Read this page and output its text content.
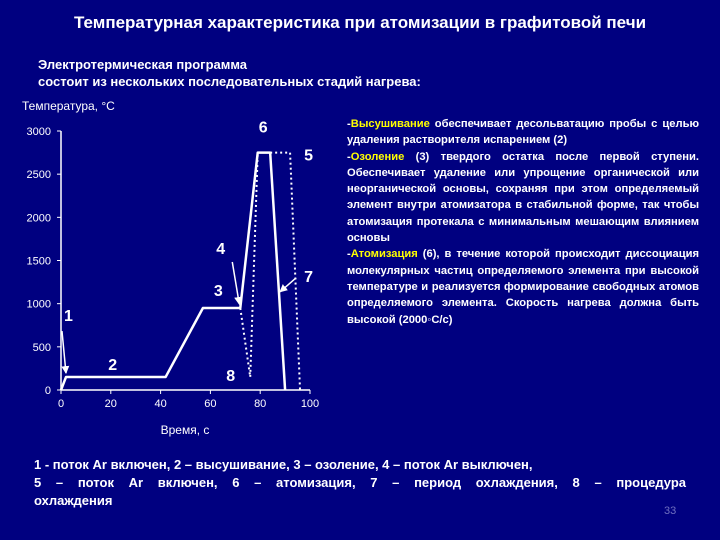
Температурная характеристика при атомизации в графитовой печи
Электротермическая программа
состоит из нескольких последовательных стадий нагрева:
0
500
1000
1500
2000
2500
3000
0	20	40	60	80	100
1
2
3
4
5
6
7
8
Температура, °С
Время, с

-Высушивание обеспечивает десольватацию пробы с целью удаления растворителя испарением (2)

-Озоление (3) твердого остатка после первой ступени. Обеспечивает удаление или упрощение органической или неорганической основы, сохраняя при этом определяемый элемент внутри атомизатора в стабильной форме, так чтобы атомизация протекала с минимальным мешающим влиянием основы

-Атомизация (6), в течение которой происходит диссоциация молекулярных частиц определяемого элемента при высокой температуре и реализуется формирование свободных атомов определяемого элемента. Скорость нагрева должна быть высокой (2000◦С/с)

1 - поток Ar включен, 2 – высушивание, 3 – озоление, 4 – поток Ar выключен,
5 – поток Ar включен, 6 – атомизация, 7 – период охлаждения, 8 – процедура
охлаждения
33
